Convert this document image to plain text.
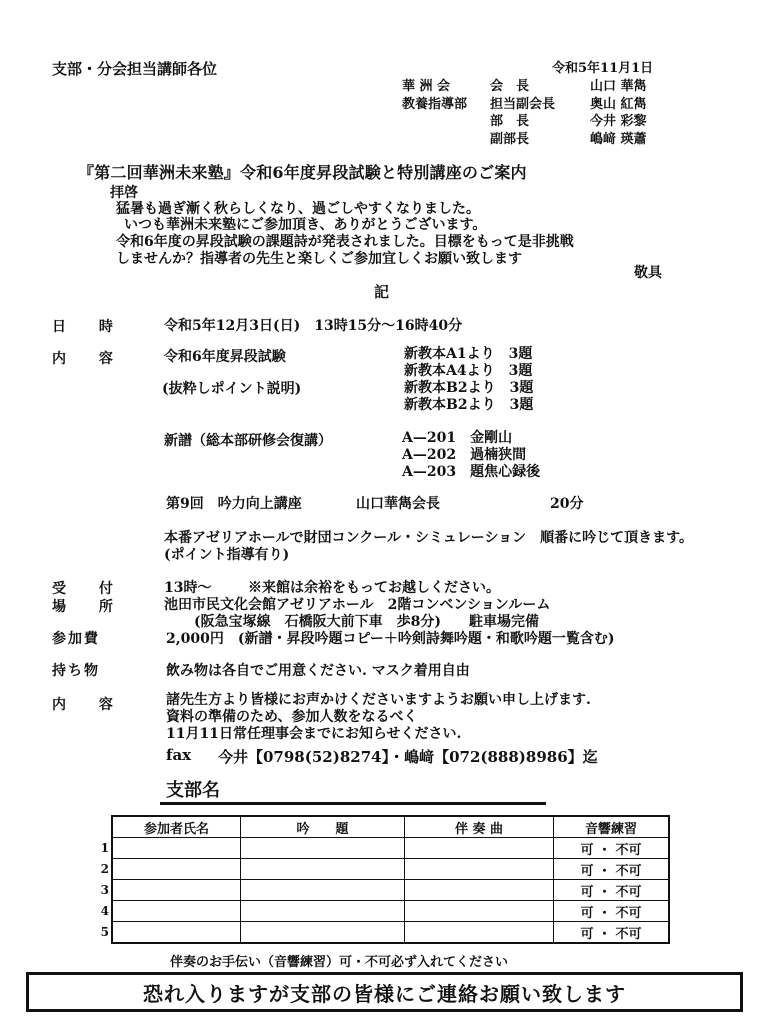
支部・分会担当講師各位	令和5年11月1日
華 洲 会	会　長	山口 華雋
教養指導部	担当副会長	奥山 紅雋
部　長	今井 彩黎
副部長	嶋﨑 瑛蕭
『第二回華洲未来塾』令和6年度昇段試験と特別講座のご案内
拝啓
猛暑も過ぎ漸く秋らしくなり、過ごしやすくなりました。
いつも華洲未来塾にご参加頂き、ありがとうございます。
令和6年度の昇段試験の課題詩が発表されました。目標をもって是非挑戦
しませんか？指導者の先生と楽しくご参加宜しくお願い致します
敬具
記
日 時	令和5年12月3日(日)　13時15分～16時40分
内 容	令和6年度昇段試験
(抜粋しポイント説明)
新教本A1より　3題
新教本A4より　3題
新教本B2より　3題
新教本B2より　3題
新譜（総本部研修会復講）	A—201　金剛山
A—202　過楠狭間
A—203　題焦心録後
第9回　吟力向上講座	山口華雋会長	20分
本番アゼリアホールで財団コンクール・シミュレーション　順番に吟じて頂きます。
(ポイント指導有り)
受 付	13時～	※来館は余裕をもってお越しください。
場 所	池田市民文化会館アゼリアホール　2階コンベンションルーム
(阪急宝塚線　石橋阪大前下車　歩8分)　　駐車場完備
参加費	2,000円　(新譜・昇段吟題コピー＋吟剣詩舞吟題・和歌吟題一覧含む)
持ち物	飲み物は各自でご用意ください. マスク着用自由
内 容	諸先生方より皆様にお声かけくださいますようお願い申し上げます.
資料の準備のため、参加人数をなるべく
11月11日常任理事会までにお知らせください.
fax 今井【0798(52)8274】・嶋﨑【072(888)8986】迄
支部名
	参加者氏名	吟　　題	伴 奏 曲	音響練習
1				可 ・ 不可
2				可 ・ 不可
3				可 ・ 不可
4				可 ・ 不可
5				可 ・ 不可
伴奏のお手伝い（音響練習）可・不可必ず入れてください
恐れ入りますが支部の皆様にご連絡お願い致します
